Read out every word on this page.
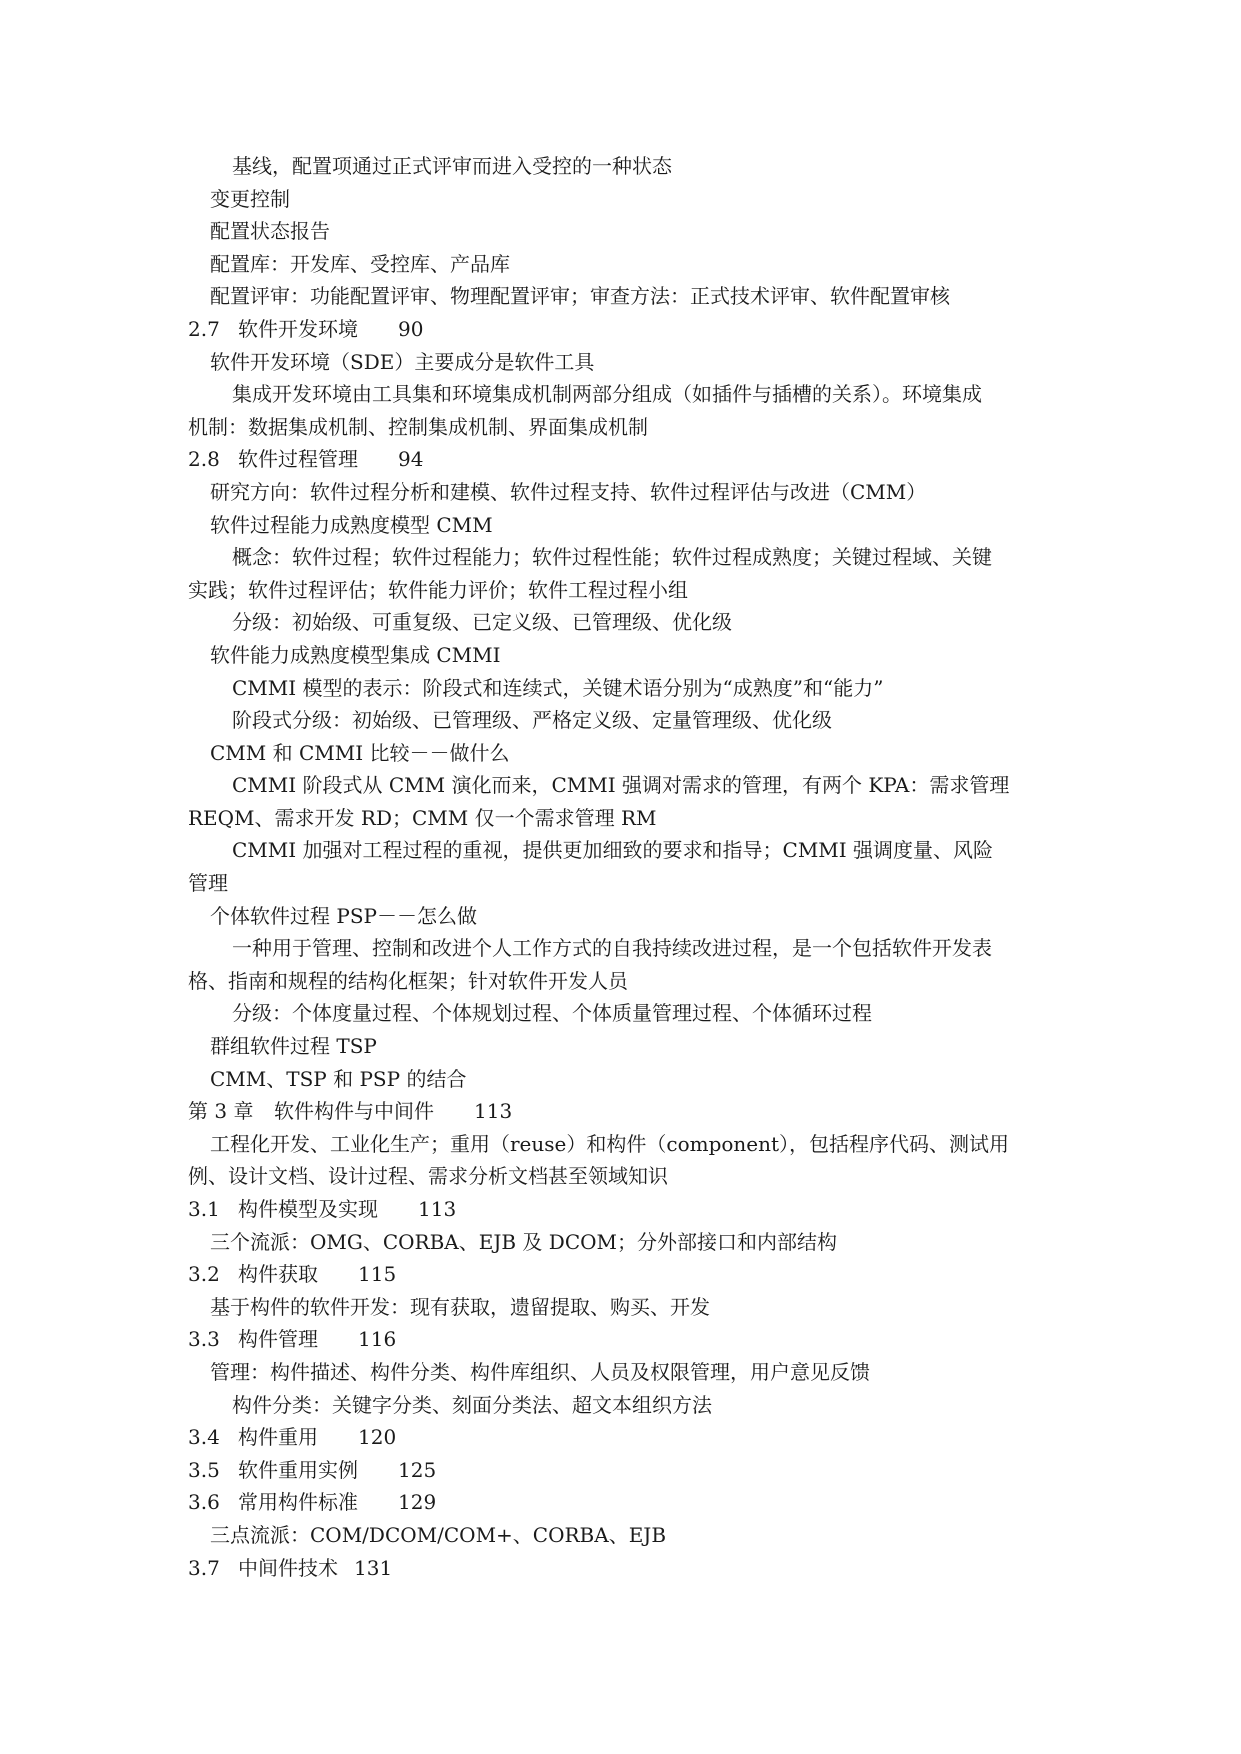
基线，配置项通过正式评审而进入受控的一种状态
变更控制
配置状态报告
配置库：开发库、受控库、产品库
配置评审：功能配置评审、物理配置评审；审查方法：正式技术评审、软件配置审核
2.7 软件开发环境 90
软件开发环境（SDE）主要成分是软件工具
集成开发环境由工具集和环境集成机制两部分组成（如插件与插槽的关系）。环境集成
机制：数据集成机制、控制集成机制、界面集成机制
2.8 软件过程管理 94
研究方向：软件过程分析和建模、软件过程支持、软件过程评估与改进（CMM）
软件过程能力成熟度模型 CMM
概念：软件过程；软件过程能力；软件过程性能；软件过程成熟度；关键过程域、关键
实践；软件过程评估；软件能力评价；软件工程过程小组
分级：初始级、可重复级、已定义级、已管理级、优化级
软件能力成熟度模型集成 CMMI
CMMI 模型的表示：阶段式和连续式，关键术语分别为“成熟度”和“能力”
阶段式分级：初始级、已管理级、严格定义级、定量管理级、优化级
CMM 和 CMMI 比较－－做什么
CMMI 阶段式从 CMM 演化而来，CMMI 强调对需求的管理，有两个 KPA：需求管理
REQM、需求开发 RD；CMM 仅一个需求管理 RM
CMMI 加强对工程过程的重视，提供更加细致的要求和指导；CMMI 强调度量、风险
管理
个体软件过程 PSP－－怎么做
一种用于管理、控制和改进个人工作方式的自我持续改进过程，是一个包括软件开发表
格、指南和规程的结构化框架；针对软件开发人员
分级：个体度量过程、个体规划过程、个体质量管理过程、个体循环过程
群组软件过程 TSP
CMM、TSP 和 PSP 的结合
第 3 章 软件构件与中间件 113
工程化开发、工业化生产；重用（reuse）和构件（component），包括程序代码、测试用
例、设计文档、设计过程、需求分析文档甚至领域知识
3.1 构件模型及实现 113
三个流派：OMG、CORBA、EJB 及 DCOM；分外部接口和内部结构
3.2 构件获取 115
基于构件的软件开发：现有获取，遗留提取、购买、开发
3.3 构件管理 116
管理：构件描述、构件分类、构件库组织、人员及权限管理，用户意见反馈
构件分类：关键字分类、刻面分类法、超文本组织方法
3.4 构件重用 120
3.5 软件重用实例 125
3.6 常用构件标准 129
三点流派：COM/DCOM/COM+、CORBA、EJB
3.7 中间件技术 131
